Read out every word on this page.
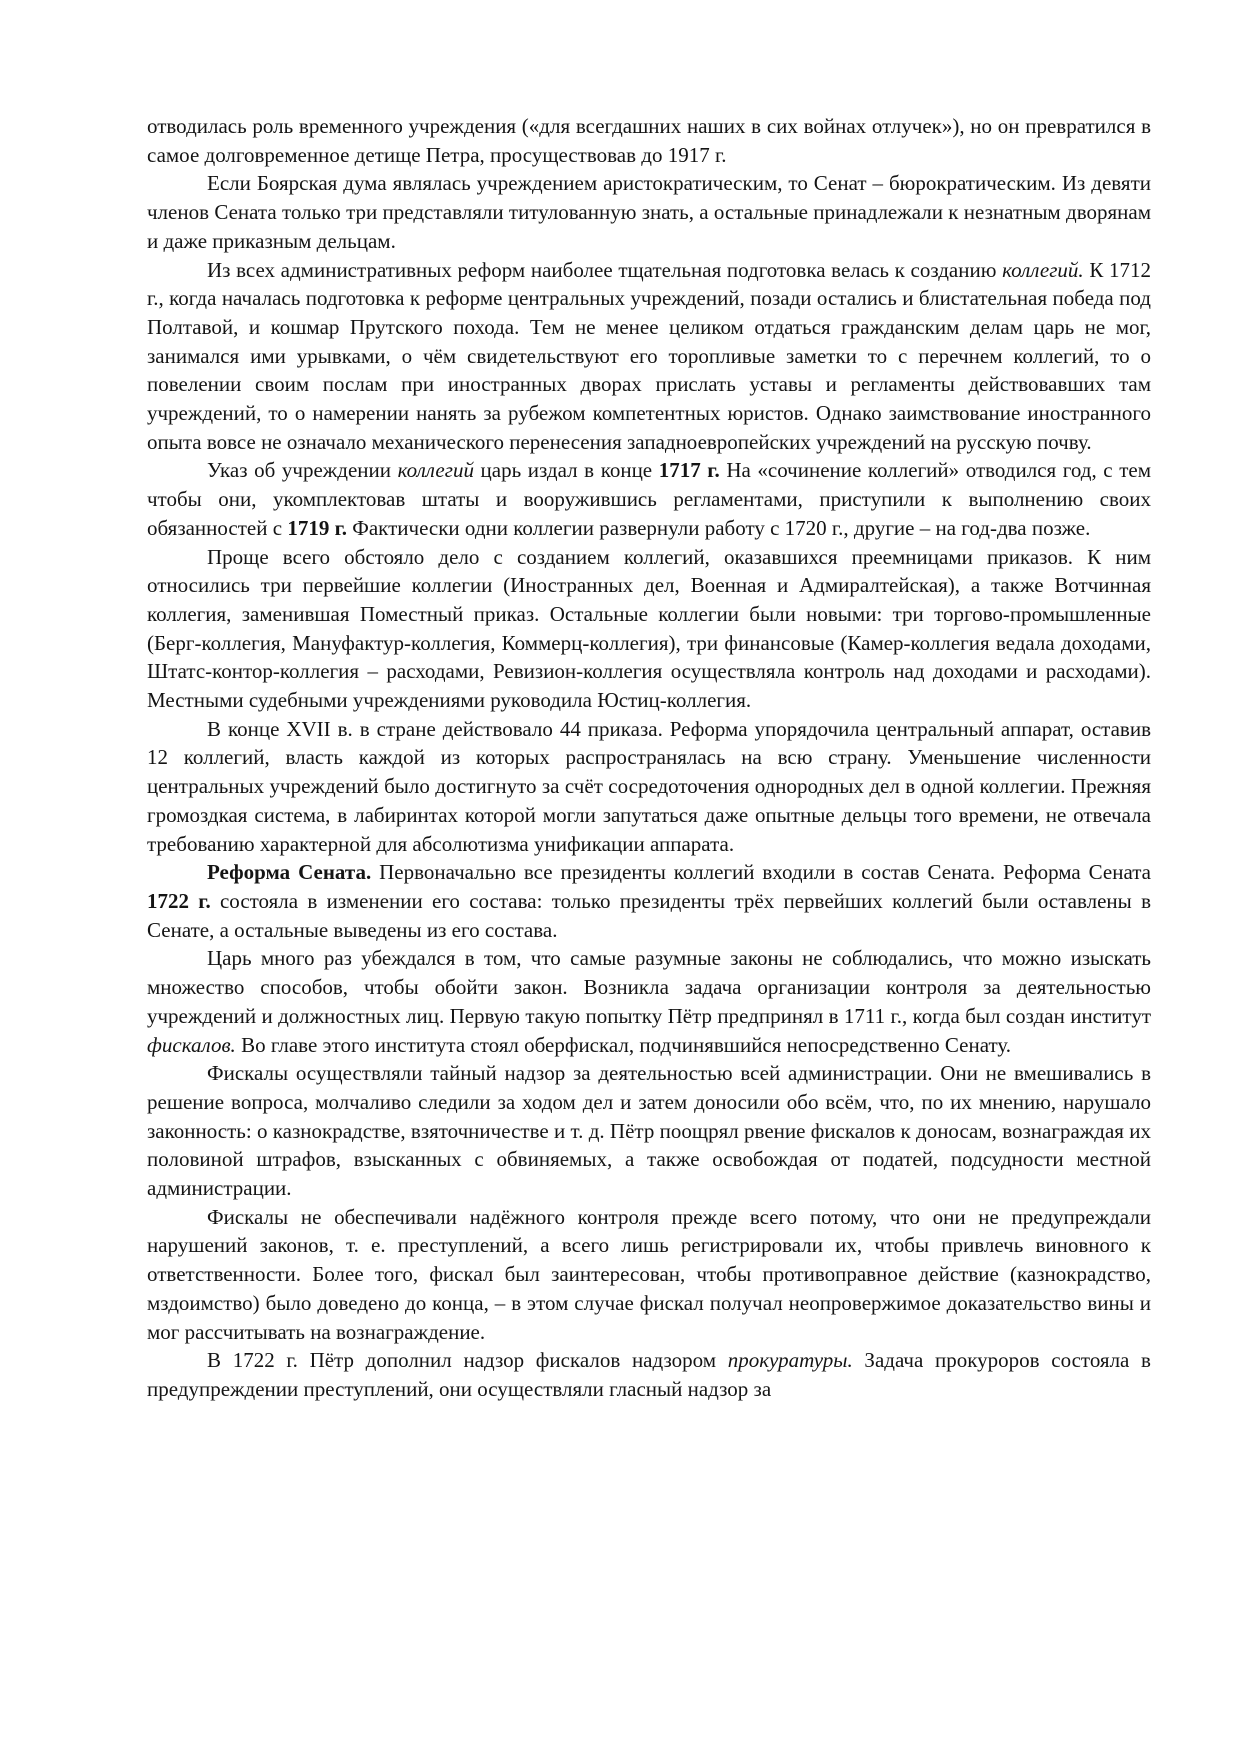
отводилась роль временного учреждения («для всегдашних наших в сих войнах отлучек»), но он превратился в самое долговременное детище Петра, просуществовав до 1917 г.

Если Боярская дума являлась учреждением аристократическим, то Сенат – бюрократическим. Из девяти членов Сената только три представляли титулованную знать, а остальные принадлежали к незнатным дворянам и даже приказным дельцам.

Из всех административных реформ наиболее тщательная подготовка велась к созданию коллегий. К 1712 г., когда началась подготовка к реформе центральных учреждений, позади остались и блистательная победа под Полтавой, и кошмар Прутского похода. Тем не менее целиком отдаться гражданским делам царь не мог, занимался ими урывками, о чём свидетельствуют его торопливые заметки то с перечнем коллегий, то о повелении своим послам при иностранных дворах прислать уставы и регламенты действовавших там учреждений, то о намерении нанять за рубежом компетентных юристов. Однако заимствование иностранного опыта вовсе не означало механического перенесения западноевропейских учреждений на русскую почву.

Указ об учреждении коллегий царь издал в конце 1717 г. На «сочинение коллегий» отводился год, с тем чтобы они, укомплектовав штаты и вооружившись регламентами, приступили к выполнению своих обязанностей с 1719 г. Фактически одни коллегии развернули работу с 1720 г., другие – на год-два позже.

Проще всего обстояло дело с созданием коллегий, оказавшихся преемницами приказов. К ним относились три первейшие коллегии (Иностранных дел, Военная и Адмиралтейская), а также Вотчинная коллегия, заменившая Поместный приказ. Остальные коллегии были новыми: три торгово-промышленные (Берг-коллегия, Мануфактур-коллегия, Коммерц-коллегия), три финансовые (Камер-коллегия ведала доходами, Штатс-контор-коллегия – расходами, Ревизион-коллегия осуществляла контроль над доходами и расходами). Местными судебными учреждениями руководила Юстиц-коллегия.

В конце XVII в. в стране действовало 44 приказа. Реформа упорядочила центральный аппарат, оставив 12 коллегий, власть каждой из которых распространялась на всю страну. Уменьшение численности центральных учреждений было достигнуто за счёт сосредоточения однородных дел в одной коллегии. Прежняя громоздкая система, в лабиринтах которой могли запутаться даже опытные дельцы того времени, не отвечала требованию характерной для абсолютизма унификации аппарата.

Реформа Сената. Первоначально все президенты коллегий входили в состав Сената. Реформа Сената 1722 г. состояла в изменении его состава: только президенты трёх первейших коллегий были оставлены в Сенате, а остальные выведены из его состава.

Царь много раз убеждался в том, что самые разумные законы не соблюдались, что можно изыскать множество способов, чтобы обойти закон. Возникла задача организации контроля за деятельностью учреждений и должностных лиц. Первую такую попытку Пётр предпринял в 1711 г., когда был создан институт фискалов. Во главе этого института стоял оберфискал, подчинявшийся непосредственно Сенату.

Фискалы осуществляли тайный надзор за деятельностью всей администрации. Они не вмешивались в решение вопроса, молчаливо следили за ходом дел и затем доносили обо всём, что, по их мнению, нарушало законность: о казнокрадстве, взяточничестве и т. д. Пётр поощрял рвение фискалов к доносам, вознаграждая их половиной штрафов, взысканных с обвиняемых, а также освобождая от податей, подсудности местной администрации.

Фискалы не обеспечивали надёжного контроля прежде всего потому, что они не предупреждали нарушений законов, т. е. преступлений, а всего лишь регистрировали их, чтобы привлечь виновного к ответственности. Более того, фискал был заинтересован, чтобы противоправное действие (казнокрадство, мздоимство) было доведено до конца, – в этом случае фискал получал неопровержимое доказательство вины и мог рассчитывать на вознаграждение.

В 1722 г. Пётр дополнил надзор фискалов надзором прокуратуры. Задача прокуроров состояла в предупреждении преступлений, они осуществляли гласный надзор за
